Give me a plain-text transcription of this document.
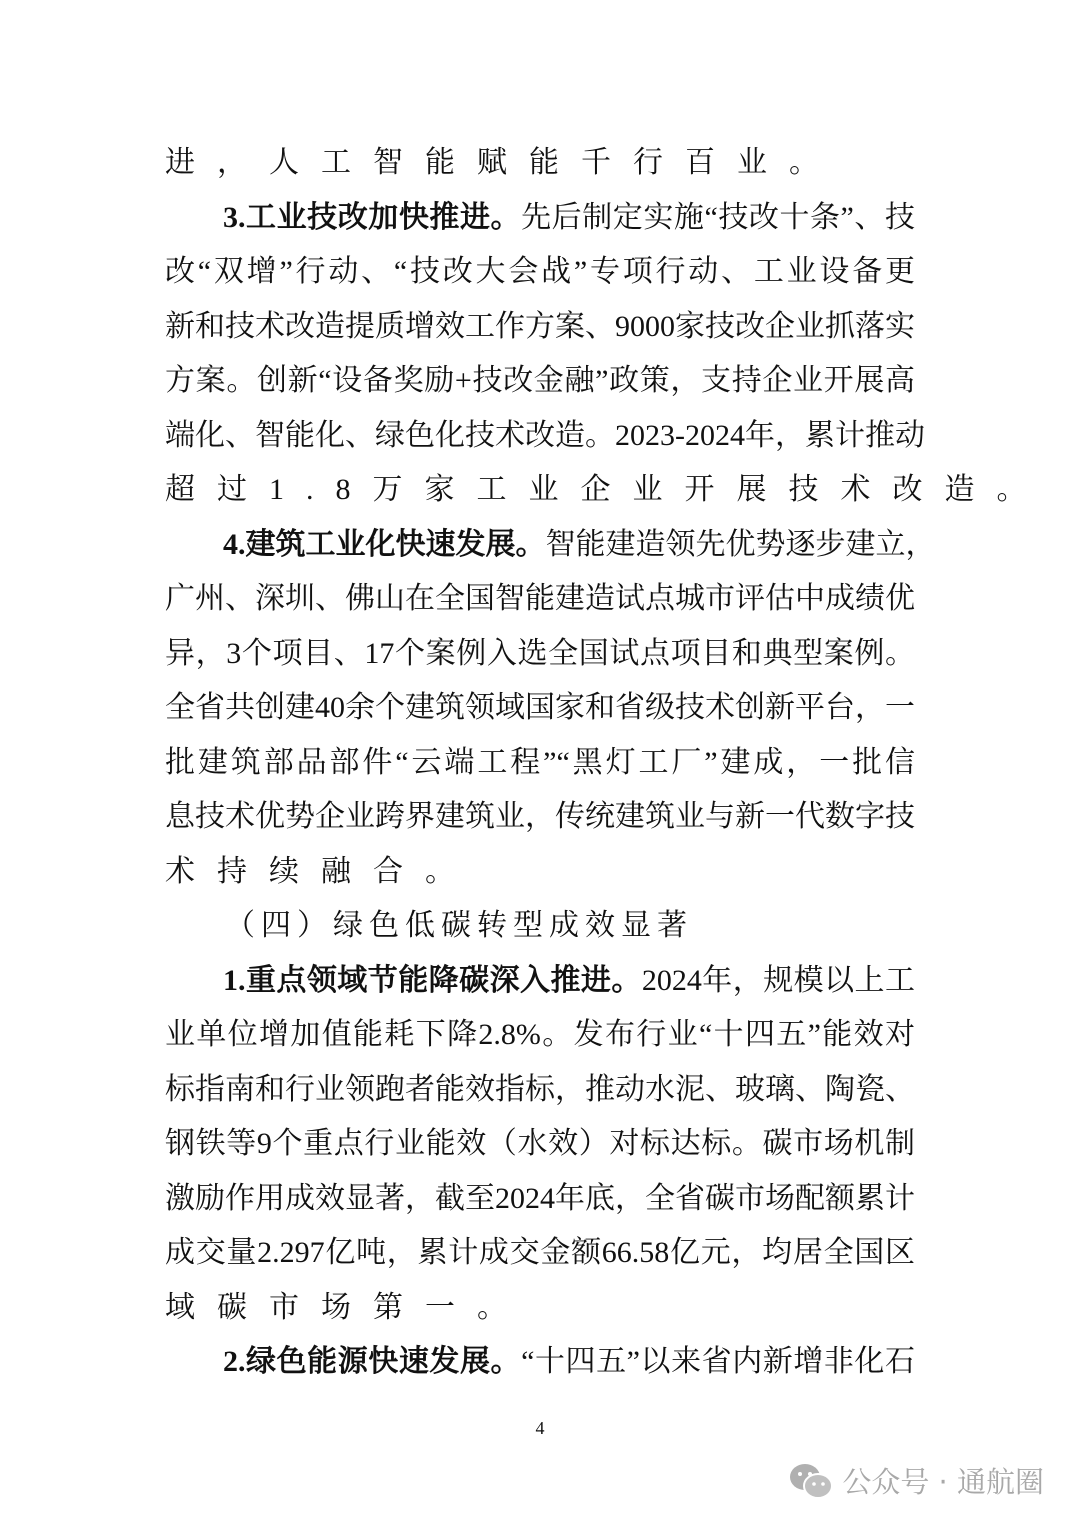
进，人工智能赋能千行百业。
3.工业技改加快推进。先后制定实施“技改十条”、技
改“双增”行动、“技改大会战”专项行动、工业设备更
新和技术改造提质增效工作方案、9000家技改企业抓落实
方案。创新“设备奖励+技改金融”政策，支持企业开展高
端化、智能化、绿色化技术改造。2023-2024年，累计推动
超过1.8万家工业企业开展技术改造。
4.建筑工业化快速发展。智能建造领先优势逐步建立，
广州、深圳、佛山在全国智能建造试点城市评估中成绩优
异，3个项目、17个案例入选全国试点项目和典型案例。
全省共创建40余个建筑领域国家和省级技术创新平台，一
批建筑部品部件“云端工程”“黑灯工厂”建成，一批信
息技术优势企业跨界建筑业，传统建筑业与新一代数字技
术持续融合。
（四）绿色低碳转型成效显著
1.重点领域节能降碳深入推进。2024年，规模以上工
业单位增加值能耗下降2.8%。发布行业“十四五”能效对
标指南和行业领跑者能效指标，推动水泥、玻璃、陶瓷、
钢铁等9个重点行业能效（水效）对标达标。碳市场机制
激励作用成效显著，截至2024年底，全省碳市场配额累计
成交量2.297亿吨，累计成交金额66.58亿元，均居全国区
域碳市场第一。
2.绿色能源快速发展。“十四五”以来省内新增非化石
4
公众号 · 通航圈
